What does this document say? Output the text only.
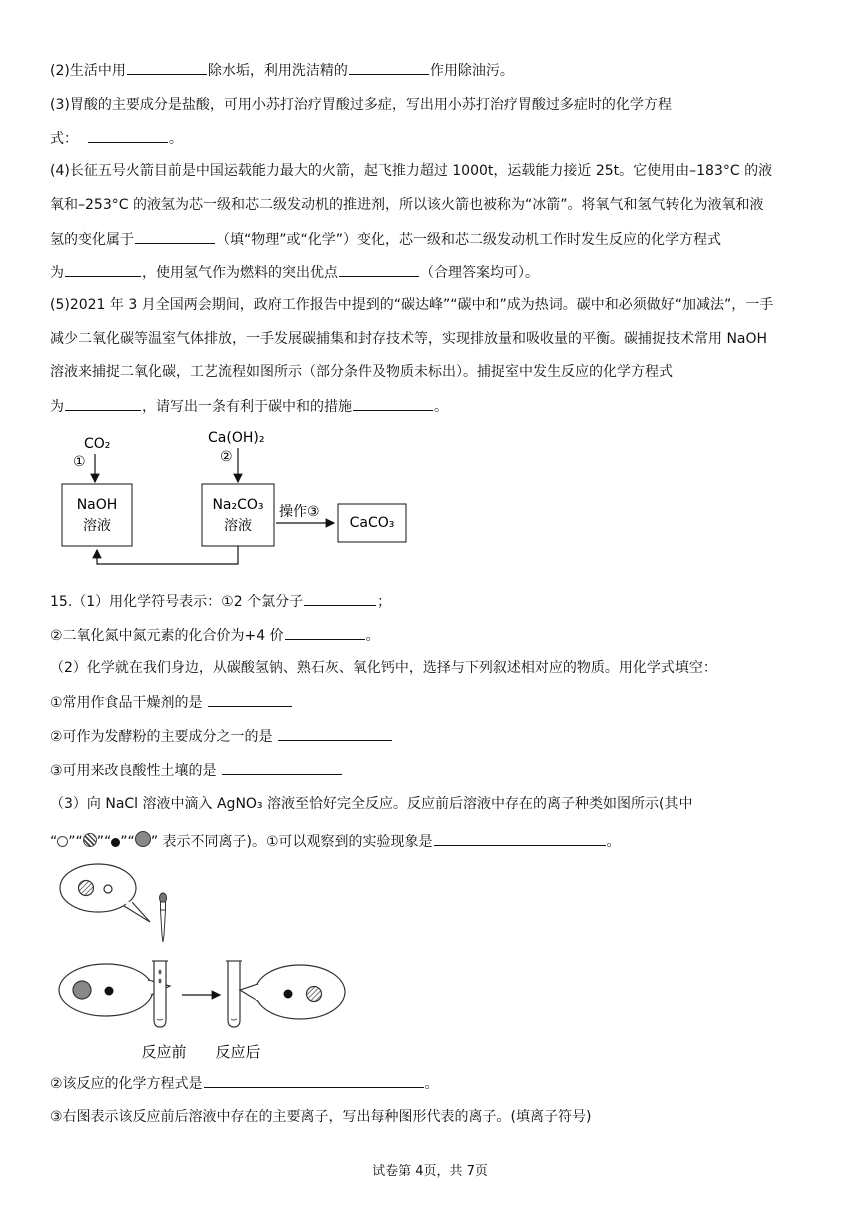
(2)生活中用	除水垢，利用洗洁精的	作用除油污。
(3)胃酸的主要成分是盐酸，可用小苏打治疗胃酸过多症，写出用小苏打治疗胃酸过多症时的化学方程
式：	。
(4)长征五号火箭目前是中国运载能力最大的火箭，起飞推力超过 1000t，运载能力接近 25t。它使用由–183°C 的液
氧和–253°C 的液氢为芯一级和芯二级发动机的推进剂，所以该火箭也被称为“冰箭”。将氧气和氢气转化为液氧和液
氢的变化属于	（填“物理”或“化学”）变化，芯一级和芯二级发动机工作时发生反应的化学方程式
为	，使用氢气作为燃料的突出优点	（合理答案均可）。
(5)2021 年 3 月全国两会期间，政府工作报告中提到的“碳达峰”“碳中和”成为热词。碳中和必须做好“加减法”，一手
减少二氧化碳等温室气体排放，一手发展碳捕集和封存技术等，实现排放量和吸收量的平衡。碳捕捉技术常用 NaOH
溶液来捕捉二氧化碳，工艺流程如图所示（部分条件及物质未标出）。捕捉室中发生反应的化学方程式
为	，请写出一条有利于碳中和的措施	。
CO₂
①
NaOH
溶液
Ca(OH)₂
②
Na₂CO₃
溶液
操作③
CaCO₃
15.（1）用化学符号表示：①2 个氯分子	；
②二氧化氮中氮元素的化合价为+4 价	。
（2）化学就在我们身边，从碳酸氢钠、熟石灰、氧化钙中，选择与下列叙述相对应的物质。用化学式填空：
①常用作食品干燥剂的是
②可作为发酵粉的主要成分之一的是
③可用来改良酸性土壤的是
（3）向 NaCl 溶液中滴入 AgNO₃ 溶液至恰好完全反应。反应前后溶液中存在的离子种类如图所示(其中
“ ”“ ”“ ”“ ” 表示不同离子)。①可以观察到的实验现象是	。
反应前 反应后
②该反应的化学方程式是	。
③右图表示该反应前后溶液中存在的主要离子，写出每种图形代表的离子。(填离子符号)
试卷第 4页，共 7页
